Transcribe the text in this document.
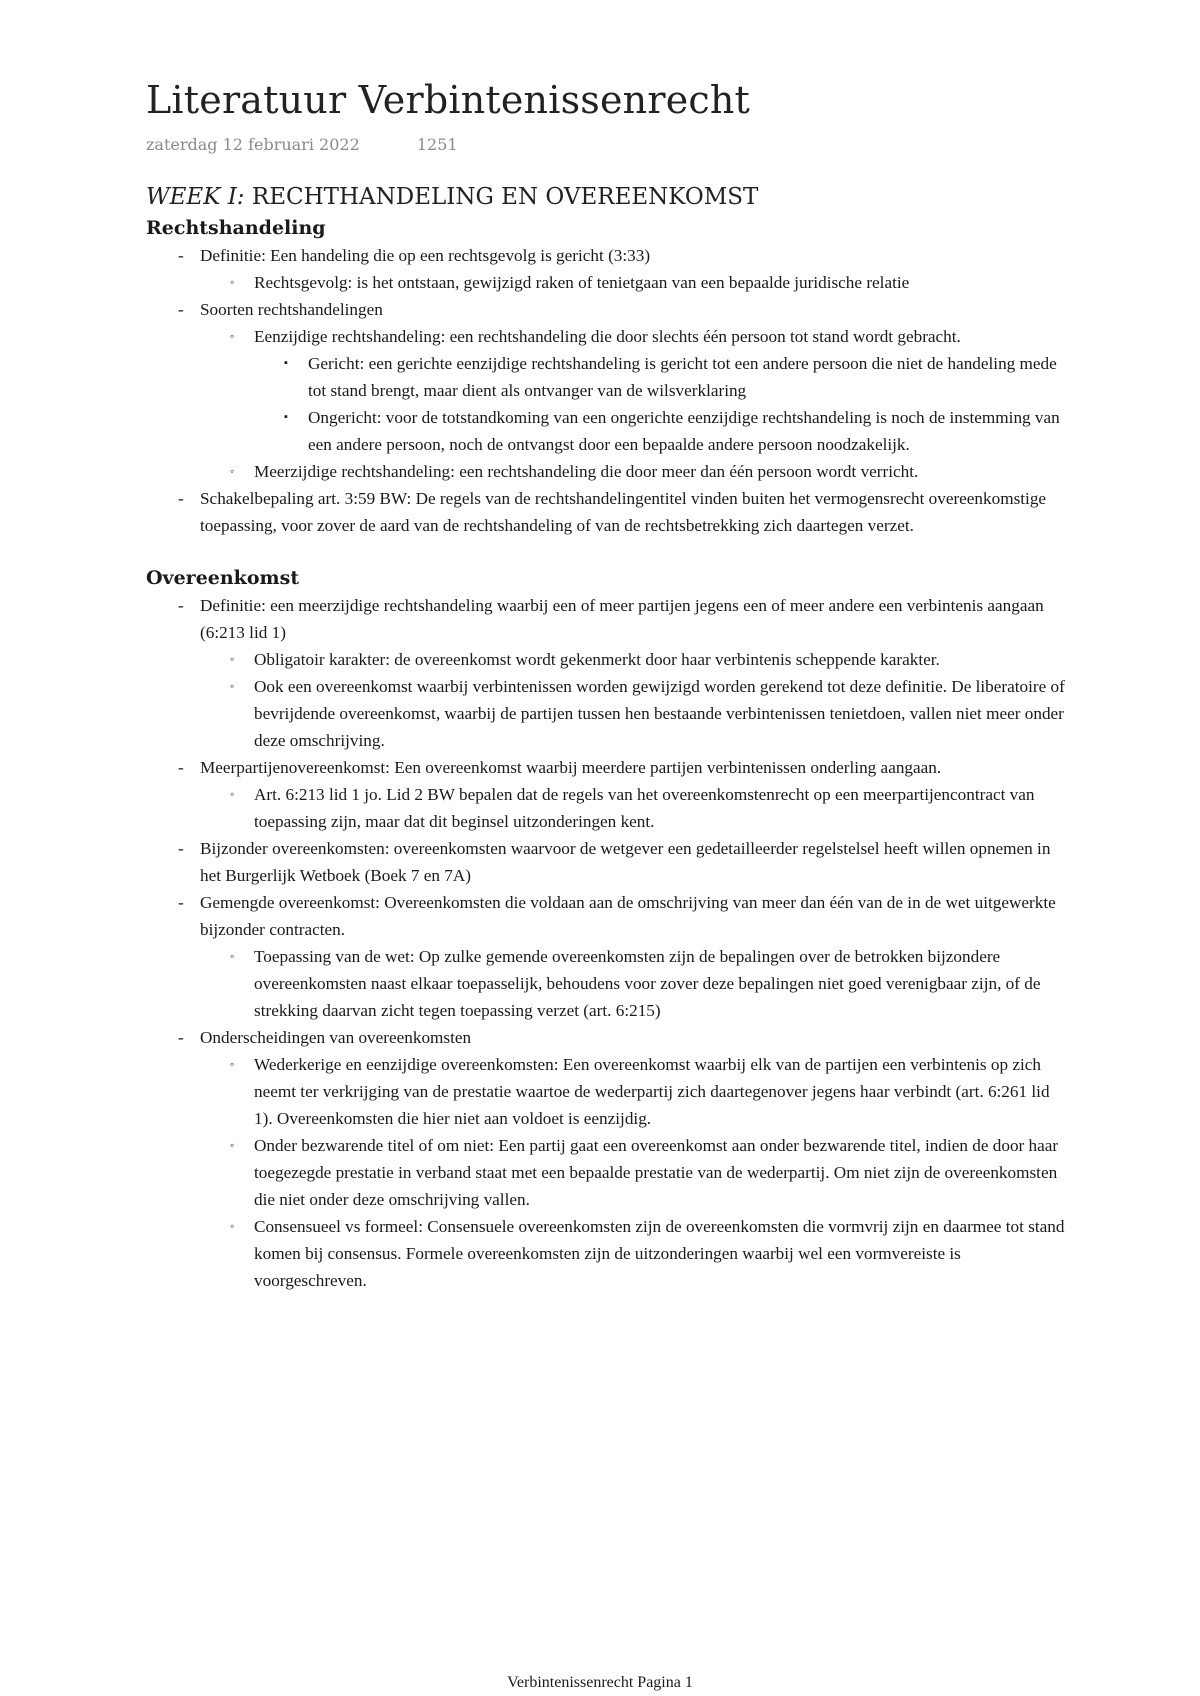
Literatuur Verbintenissenrecht
zaterdag 12 februari 2022	1251
WEEK I: RECHTHANDELING EN OVEREENKOMST
Rechtshandeling
- Definitie: Een handeling die op een rechtsgevolg is gericht (3:33)
◦ Rechtsgevolg: is het ontstaan, gewijzigd raken of tenietgaan van een bepaalde juridische relatie
- Soorten rechtshandelingen
◦ Eenzijdige rechtshandeling: een rechtshandeling die door slechts één persoon tot stand wordt gebracht.
▪ Gericht: een gerichte eenzijdige rechtshandeling is gericht tot een andere persoon die niet de handeling mede tot stand brengt, maar dient als ontvanger van de wilsverklaring
▪ Ongericht: voor de totstandkoming van een ongerichte eenzijdige rechtshandeling is noch de instemming van een andere persoon, noch de ontvangst door een bepaalde andere persoon noodzakelijk.
◦ Meerzijdige rechtshandeling: een rechtshandeling die door meer dan één persoon wordt verricht.
- Schakelbepaling art. 3:59 BW: De regels van de rechtshandelingentitel vinden buiten het vermogensrecht overeenkomstige toepassing, voor zover de aard van de rechtshandeling of van de rechtsbetrekking zich daartegen verzet.
Overeenkomst
- Definitie: een meerzijdige rechtshandeling waarbij een of meer partijen jegens een of meer andere een verbintenis aangaan (6:213 lid 1)
◦ Obligatoir karakter: de overeenkomst wordt gekenmerkt door haar verbintenis scheppende karakter.
◦ Ook een overeenkomst waarbij verbintenissen worden gewijzigd worden gerekend tot deze definitie. De liberatoire of bevrijdende overeenkomst, waarbij de partijen tussen hen bestaande verbintenissen tenietdoen, vallen niet meer onder deze omschrijving.
- Meerpartijenovereenkomst: Een overeenkomst waarbij meerdere partijen verbintenissen onderling aangaan.
◦ Art. 6:213 lid 1 jo. Lid 2 BW bepalen dat de regels van het overeenkomstenrecht op een meerpartijencontract van toepassing zijn, maar dat dit beginsel uitzonderingen kent.
- Bijzonder overeenkomsten: overeenkomsten waarvoor de wetgever een gedetailleerder regelstelsel heeft willen opnemen in het Burgerlijk Wetboek (Boek 7 en 7A)
- Gemengde overeenkomst: Overeenkomsten die voldaan aan de omschrijving van meer dan één van de in de wet uitgewerkte bijzonder contracten.
◦ Toepassing van de wet: Op zulke gemende overeenkomsten zijn de bepalingen over de betrokken bijzondere overeenkomsten naast elkaar toepasselijk, behoudens voor zover deze bepalingen niet goed verenigbaar zijn, of de strekking daarvan zicht tegen toepassing verzet (art. 6:215)
- Onderscheidingen van overeenkomsten
◦ Wederkerige en eenzijdige overeenkomsten: Een overeenkomst waarbij elk van de partijen een verbintenis op zich neemt ter verkrijging van de prestatie waartoe de wederpartij zich daartegenover jegens haar verbindt (art. 6:261 lid 1). Overeenkomsten die hier niet aan voldoet is eenzijdig.
◦ Onder bezwarende titel of om niet: Een partij gaat een overeenkomst aan onder bezwarende titel, indien de door haar toegezegde prestatie in verband staat met een bepaalde prestatie van de wederpartij. Om niet zijn de overeenkomsten die niet onder deze omschrijving vallen.
◦ Consensueel vs formeel: Consensuele overeenkomsten zijn de overeenkomsten die vormvrij zijn en daarmee tot stand komen bij consensus. Formele overeenkomsten zijn de uitzonderingen waarbij wel een vormvereiste is voorgeschreven.
Verbintenissenrecht Pagina 1
